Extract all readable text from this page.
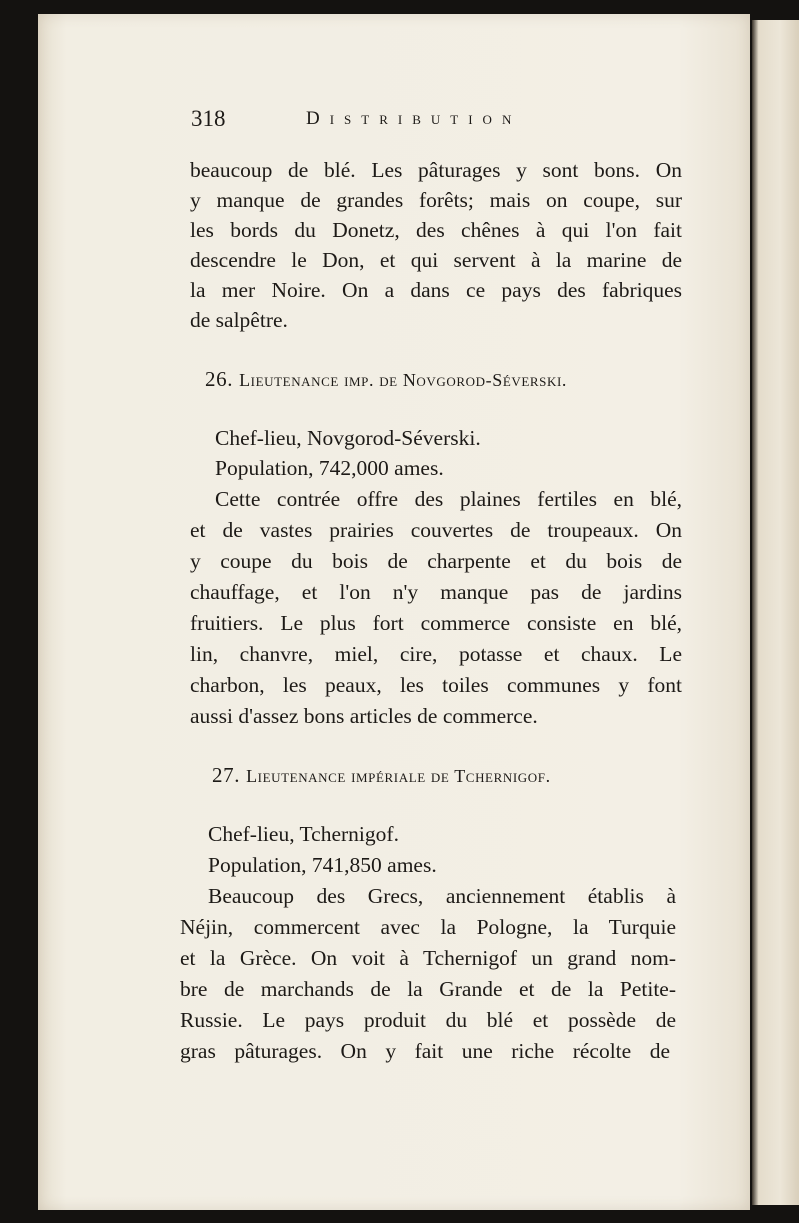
318	Distribution
beaucoup de blé. Les pâturages y sont bons. On
y manque de grandes forêts; mais on coupe, sur
les bords du Donetz, des chênes à qui l'on fait
descendre le Don, et qui servent à la marine de
la mer Noire. On a dans ce pays des fabriques
de salpêtre.
26. Lieutenance imp. de Novgorod-Séverski.
Chef-lieu, Novgorod-Séverski.
Population, 742,000 ames.
Cette contrée offre des plaines fertiles en blé,
et de vastes prairies couvertes de troupeaux. On
y coupe du bois de charpente et du bois de
chauffage, et l'on n'y manque pas de jardins
fruitiers. Le plus fort commerce consiste en blé,
lin, chanvre, miel, cire, potasse et chaux. Le
charbon, les peaux, les toiles communes y font
aussi d'assez bons articles de commerce.
27. Lieutenance impériale de Tchernigof.
Chef-lieu, Tchernigof.
Population, 741,850 ames.
Beaucoup des Grecs, anciennement établis à
Néjin, commercent avec la Pologne, la Turquie
et la Grèce. On voit à Tchernigof un grand nom-
bre de marchands de la Grande et de la Petite-
Russie. Le pays produit du blé et possède de
gras pâturages. On y fait une riche récolte de
